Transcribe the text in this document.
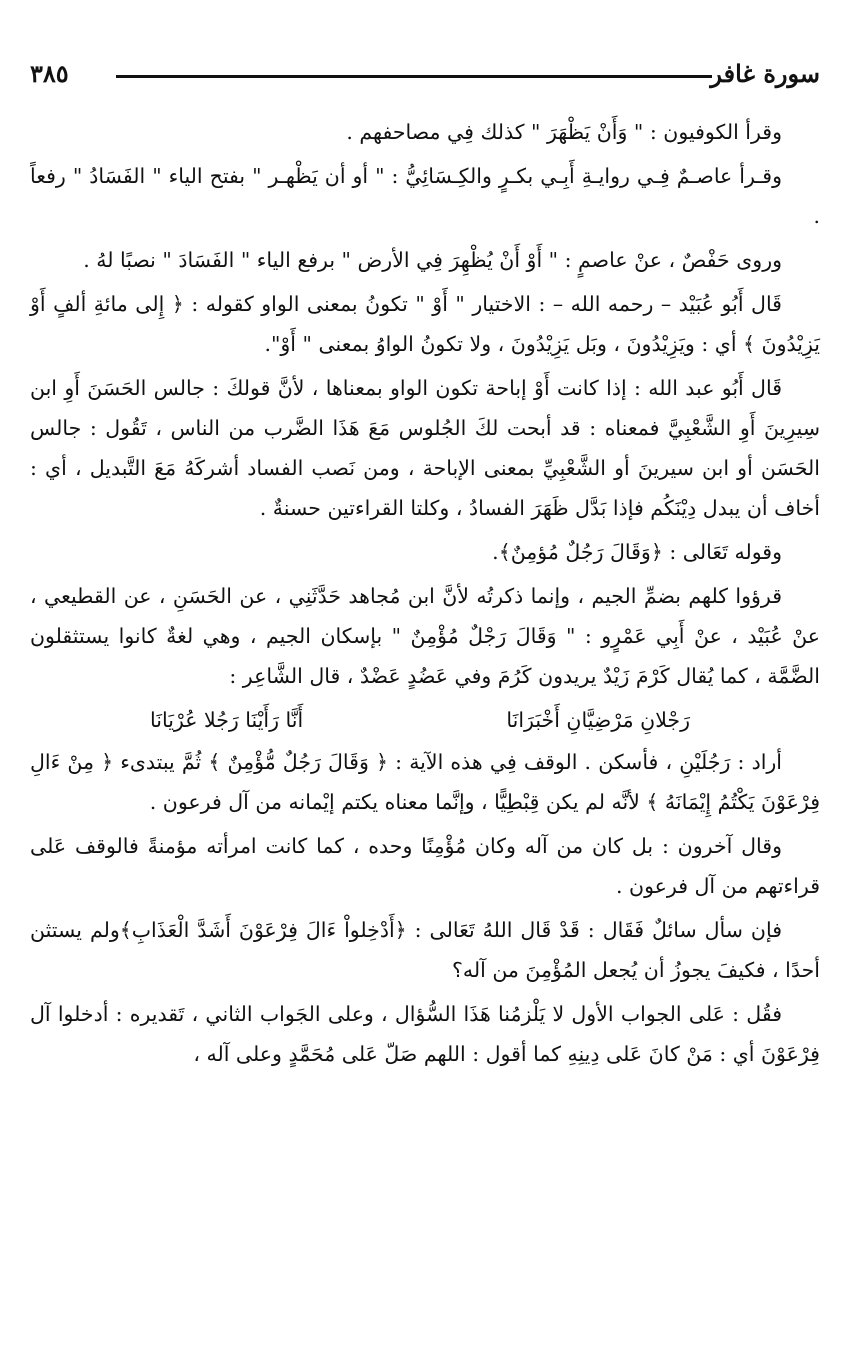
سورة غافر
٣٨٥

وقرأ الكوفيون : " وَأَنْ يَظْهَرَ " كذلك فِي مصاحفهم .

وقـرأ عاصـمٌ فِـي روايـةِ أَبِـي بكـرٍ والكِـسَائِيُّ : " أو أن يَظْهـر " بفتح الياء " الفَسَادُ " رفعاً .

وروى حَفْصٌ ، عنْ عاصمٍ : " أَوْ أَنْ يُظْهِرَ فِي الأرض " برفع الياء " الفَسَادَ " نصبًا لهُ .

قَال أَبُو عُبَيْد – رحمه الله – : الاختيار " أَوْ " تكونُ بمعنى الواو كقوله : ﴿ إِلى مائةِ ألفٍ أَوْ يَزِيْدُونَ ﴾ أي : ويَزِيْدُونَ ، وبَل يَزِيْدُونَ ، ولا تكونُ الواوُ بمعنى " أَوْ".

قَال أَبُو عبد الله : إذا كانت أَوْ إباحة تكون الواو بمعناها ، لأنَّ قولكَ : جالس الحَسَنَ أَوِ ابن سِيرِينَ أَوِ الشَّعْبِيَّ فمعناه : قد أبحت لكَ الجُلوس مَعَ هَذَا الضَّرب من الناس ، تَقُول : جالس الحَسَن أو ابن سيرينَ أو الشَّعْبِيِّ بمعنى الإباحة ، ومن نَصب الفساد أشركَهُ مَعَ التَّبديل ، أي : أخاف أن يبدل دِيْنَكُم فإذا بَدَّل ظَهَرَ الفسادُ ، وكلتا القراءتين حسنةٌ .

وقوله تَعَالى : ﴿وَقَالَ رَجُلٌ مُؤمِنٌ﴾.

قرؤوا كلهم بضمِّ الجيم ، وإنما ذكرتُه لأنَّ ابن مُجاهد حَدَّثَنِي ، عن الحَسَنِ ، عن القطيعي ، عنْ عُبَيْد ، عنْ أَبِي عَمْرٍو : " وَقَالَ رَجْلٌ مُؤْمِنٌ " بإسكان الجيم ، وهي لغةٌ كانوا يستثقلون الضَّمَّة ، كما يُقال كَرْمَ زَيْدٌ يريدون كَرُمَ وفي عَضُدٍ عَضْدٌ ، قال الشَّاعِر :

رَجْلانِ مَرْضِيَّانِ أَخْبَرَانَا
أَنَّا رَأَيْنَا رَجُلا عُرْيَانَا

أراد : رَجُلَيْنِ ، فأسكن . الوقف فِي هذه الآية : ﴿ وَقَالَ رَجُلٌ مُّؤْمِنٌ ﴾ ثُمَّ يبتدىء ﴿ مِنْ ءَالِ فِرْعَوْنَ يَكْتُمُ إِيْمَانَهُ ﴾ لأنَّه لم يكن قِبْطِيًّا ، وإنَّما معناه يكتم إيْمانه من آل فرعون .

وقال آخرون : بل كان من آله وكان مُؤْمِنًا وحده ، كما كانت امرأته مؤمنةً فالوقف عَلى قراءتهم من آل فرعون .

فإن سأل سائلٌ فَقَال : قَدْ قَال اللهُ تَعَالى : ﴿أَدْخِلواْ ءَالَ فِرْعَوْنَ أَشَدَّ الْعَذَابِ﴾ولم يستثن أحدًا ، فكيفَ يجوزُ أن يُجعل المُؤْمِنَ من آله؟

فقُل : عَلى الجواب الأول لا يَلْزمُنا هَذَا السُّؤال ، وعلى الجَواب الثاني ، تَقديره : أدخلوا آل فِرْعَوْنَ أي : مَنْ كانَ عَلى دِينِهِ كما أقول : اللهم صَلّ عَلى مُحَمَّدٍ وعلى آله ،
